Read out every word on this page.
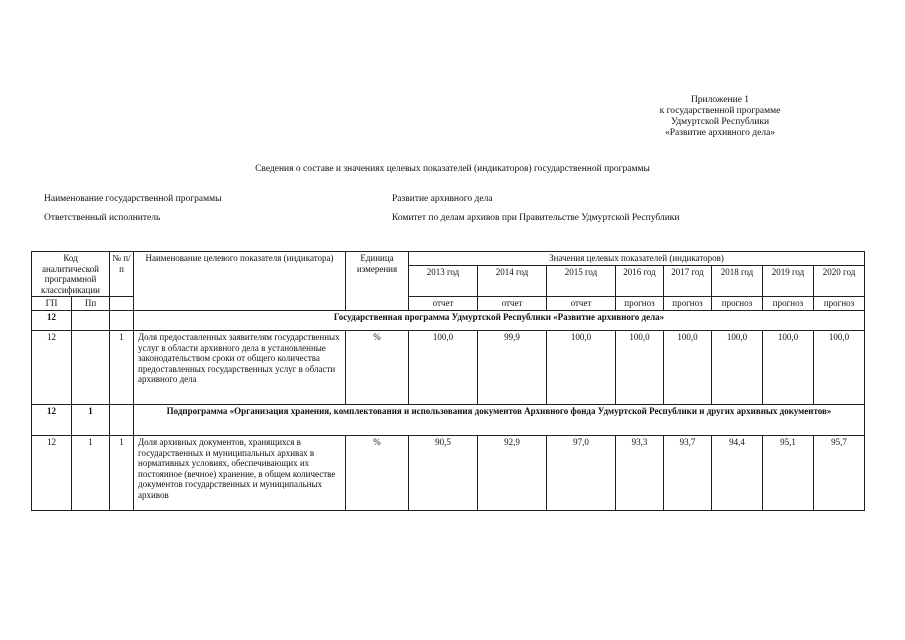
Приложение 1
к государственной программе
Удмуртской Республики
«Развитие архивного дела»
Сведения о составе и значениях целевых показателей (индикаторов) государственной программы
Наименование государственной программы	Развитие архивного дела
Ответственный исполнитель	Комитет по делам архивов при Правительстве Удмуртской Республики
Код аналитической программной классификации		№ п/ п	Наименование целевого показателя (индикатора)	Единица измерения	Значения целевых показателей (индикаторов)							
					2013 год	2014 год	2015 год	2016 год	2017 год	2018 год	2019 год	2020 год
ГП	Пп				отчет	отчет	отчет	прогноз	прогноз	прогноз	прогноз	прогноз
12			Государственная программа Удмуртской Республики «Развитие архивного дела»									
12		1	Доля предоставленных заявителям государственных услуг в области архивного дела в установленные законодательством сроки от общего количества предоставленных государственных услуг в области архивного дела	%	100,0	99,9	100,0	100,0	100,0	100,0	100,0	100,0
12	1		Подпрограмма «Организация хранения, комплектования и использования документов Архивного фонда Удмуртской Республики и других архивных документов»									
12	1	1	Доля архивных документов, хранящихся в государственных и муниципальных архивах в нормативных условиях, обеспечивающих их постоянное (вечное) хранение, в общем количестве документов государственных и муниципальных архивов	%	90,5	92,9	97,0	93,3	93,7	94,4	95,1	95,7
